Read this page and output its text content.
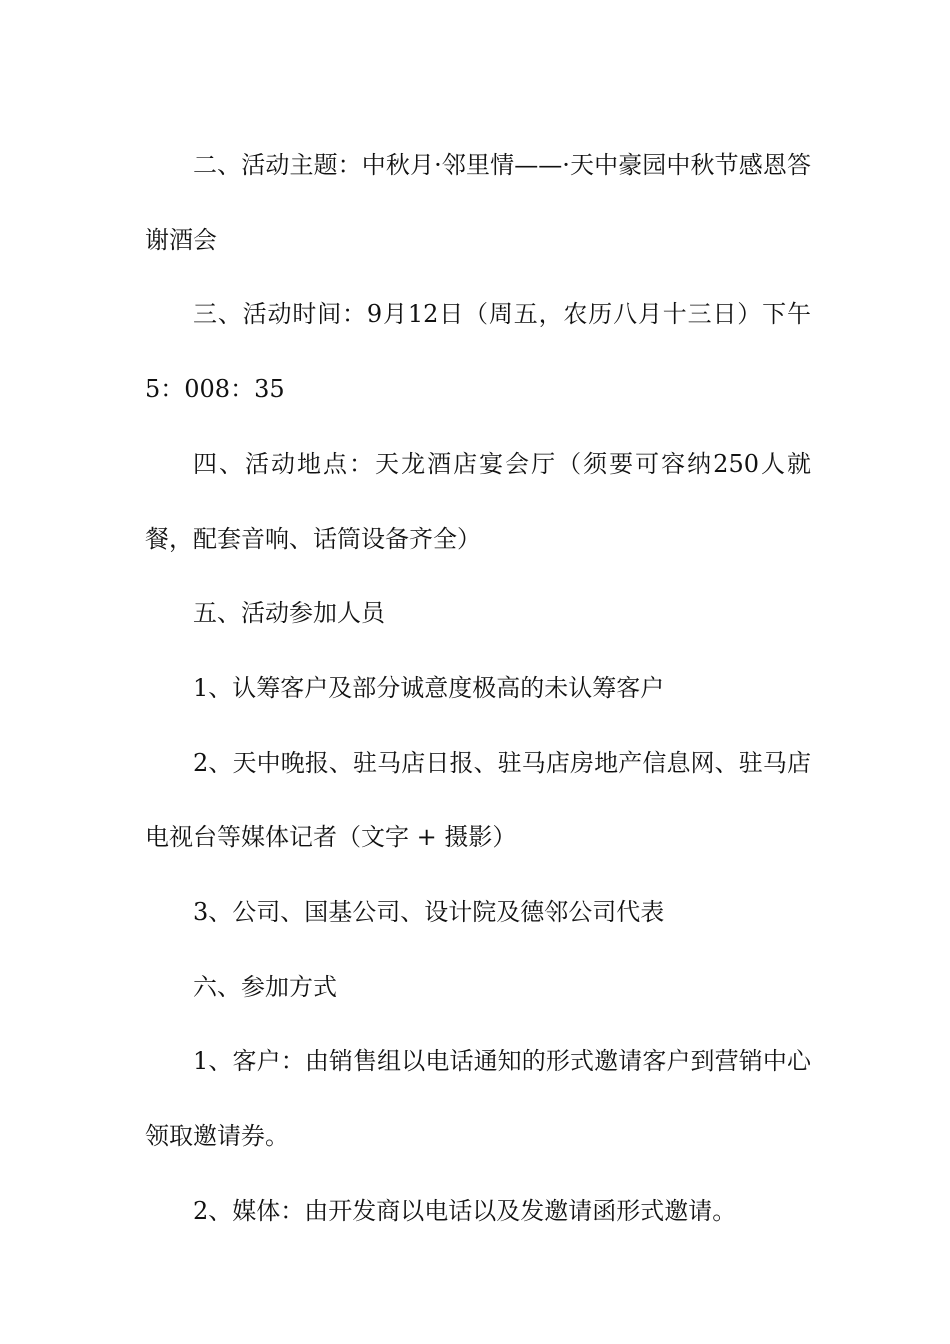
二、活动主题：中秋月·邻里情——·天中豪园中秋节感恩答谢酒会

三、活动时间：9月12日（周五，农历八月十三日）下午5：008：35

四、活动地点：天龙酒店宴会厅（须要可容纳250人就餐，配套音响、话筒设备齐全）

五、活动参加人员

1、认筹客户及部分诚意度极高的未认筹客户

2、天中晚报、驻马店日报、驻马店房地产信息网、驻马店电视台等媒体记者（文字 + 摄影）

3、公司、国基公司、设计院及德邻公司代表

六、参加方式

1、客户：由销售组以电话通知的形式邀请客户到营销中心领取邀请券。

2、媒体：由开发商以电话以及发邀请函形式邀请。
